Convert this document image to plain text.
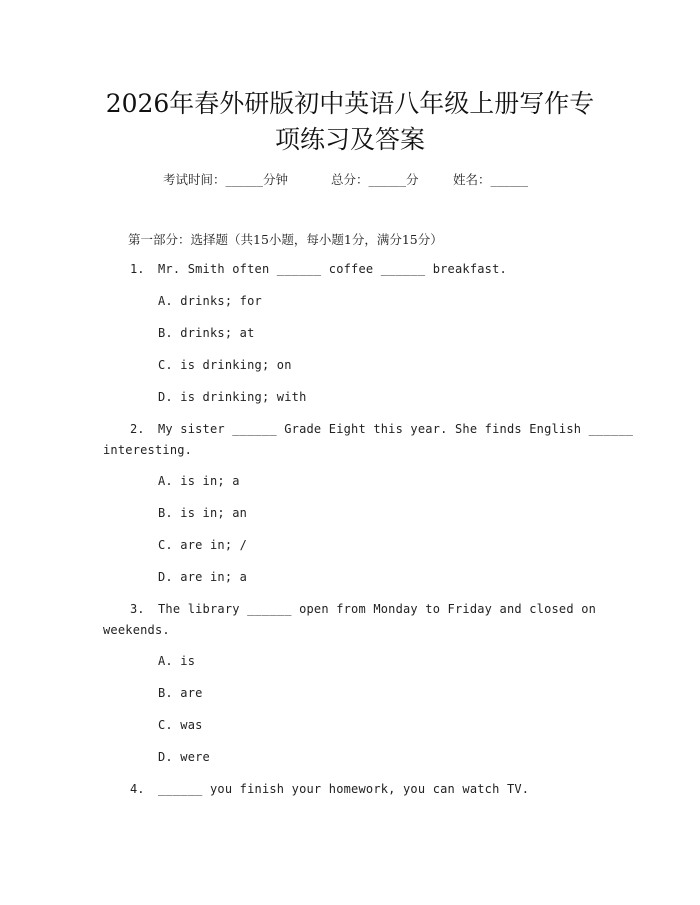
2026年春外研版初中英语八年级上册写作专
项练习及答案
考试时间：______分钟	总分：______分	姓名：______
第一部分：选择题（共15小题，每小题1分，满分15分）
1. Mr. Smith often ______ coffee ______ breakfast.
A. drinks; for
B. drinks; at
C. is drinking; on
D. is drinking; with
2. My sister ______ Grade Eight this year. She finds English ______
interesting.
A. is in; a
B. is in; an
C. are in; /
D. are in; a
3. The library ______ open from Monday to Friday and closed on
weekends.
A. is
B. are
C. was
D. were
4. ______ you finish your homework, you can watch TV.
